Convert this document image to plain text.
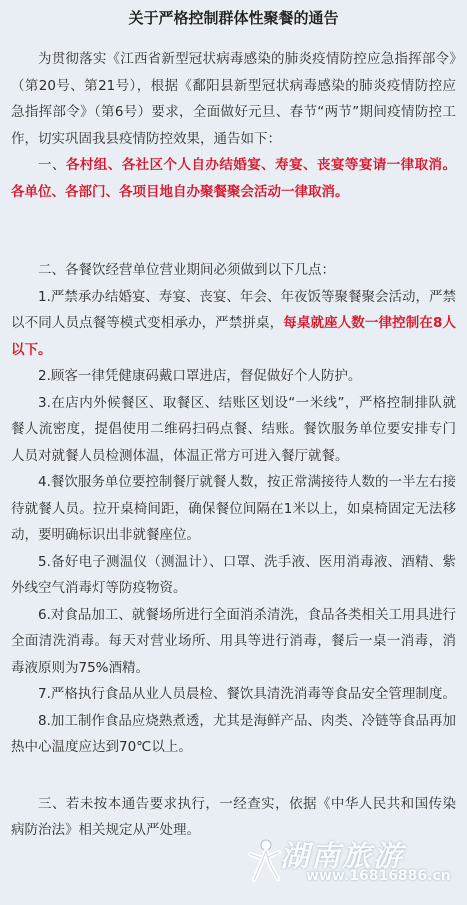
关于严格控制群体性聚餐的通告

为贯彻落实《江西省新型冠状病毒感染的肺炎疫情防控应急指挥部令》（第20号、第21号），根据《鄱阳县新型冠状病毒感染的肺炎疫情防控应急指挥部令》（第6号）要求，全面做好元旦、春节“两节”期间疫情防控工作，切实巩固我县疫情防控效果，通告如下：

一、各村组、各社区个人自办结婚宴、寿宴、丧宴等宴请一律取消。各单位、各部门、各项目地自办聚餐聚会活动一律取消。

二、各餐饮经营单位营业期间必须做到以下几点：

1.严禁承办结婚宴、寿宴、丧宴、年会、年夜饭等聚餐聚会活动，严禁以不同人员点餐等模式变相承办，严禁拼桌，每桌就座人数一律控制在8人以下。

2.顾客一律凭健康码戴口罩进店，督促做好个人防护。

3.在店内外候餐区、取餐区、结账区划设“一米线”，严格控制排队就餐人流密度，提倡使用二维码扫码点餐、结账。餐饮服务单位要安排专门人员对就餐人员检测体温，体温正常方可进入餐厅就餐。

4.餐饮服务单位要控制餐厅就餐人数，按正常满接待人数的一半左右接待就餐人员。拉开桌椅间距，确保餐位间隔在1米以上，如桌椅固定无法移动，要明确标识出非就餐座位。

5.备好电子测温仪（测温计）、口罩、洗手液、医用消毒液、酒精、紫外线空气消毒灯等防疫物资。

6.对食品加工、就餐场所进行全面消杀清洗，食品各类相关工用具进行全面清洗消毒。每天对营业场所、用具等进行消毒，餐后一桌一消毒，消毒液原则为75%酒精。

7.严格执行食品从业人员晨检、餐饮具清洗消毒等食品安全管理制度。

8.加工制作食品应烧熟煮透，尤其是海鲜产品、肉类、冷链等食品再加热中心温度应达到70℃以上。

三、若未按本通告要求执行，一经查实，依据《中华人民共和国传染病防治法》相关规定从严处理。

湖南旅游
www.16816886.cn
